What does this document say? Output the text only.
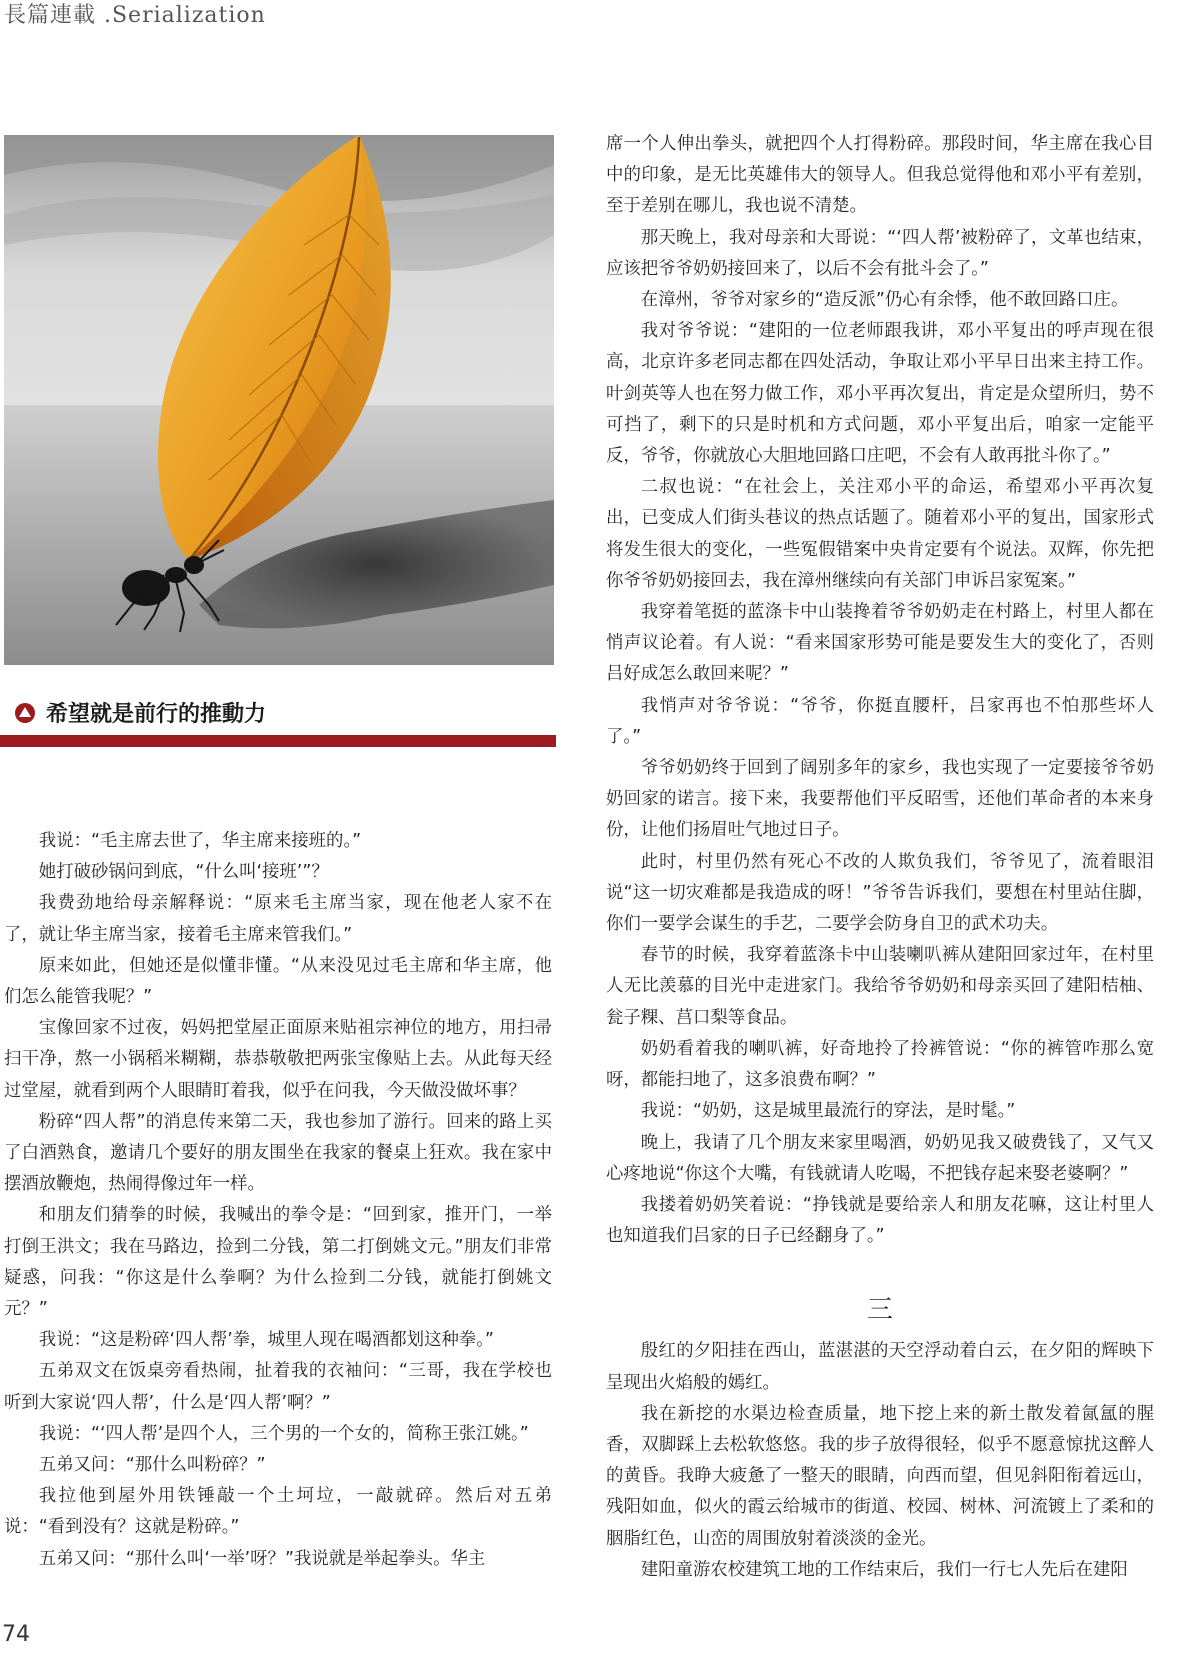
長篇連載 .Serialization
希望就是前行的推動力

我说：“毛主席去世了，华主席来接班的。”

她打破砂锅问到底，“什么叫‘接班’”？

我费劲地给母亲解释说：“原来毛主席当家，现在他老人家不在了，就让华主席当家，接着毛主席来管我们。”

原来如此，但她还是似懂非懂。“从来没见过毛主席和华主席，他们怎么能管我呢？”

宝像回家不过夜，妈妈把堂屋正面原来贴祖宗神位的地方，用扫帚扫干净，熬一小锅稻米糊糊，恭恭敬敬把两张宝像贴上去。从此每天经过堂屋，就看到两个人眼睛盯着我，似乎在问我，今天做没做坏事？

粉碎“四人帮”的消息传来第二天，我也参加了游行。回来的路上买了白酒熟食，邀请几个要好的朋友围坐在我家的餐桌上狂欢。我在家中摆酒放鞭炮，热闹得像过年一样。

和朋友们猜拳的时候，我喊出的拳令是：“回到家，推开门，一举打倒王洪文；我在马路边，捡到二分钱，第二打倒姚文元。”朋友们非常疑惑，问我：“你这是什么拳啊？为什么捡到二分钱，就能打倒姚文元？”

我说：“这是粉碎‘四人帮’拳，城里人现在喝酒都划这种拳。”

五弟双文在饭桌旁看热闹，扯着我的衣袖问：“三哥，我在学校也听到大家说‘四人帮’，什么是‘四人帮’啊？”

我说：“‘四人帮’是四个人，三个男的一个女的，简称王张江姚。”

五弟又问：“那什么叫粉碎？”

我拉他到屋外用铁锤敲一个土坷垃，一敲就碎。然后对五弟说：“看到没有？这就是粉碎。”

五弟又问：“那什么叫‘一举’呀？”我说就是举起拳头。华主

席一个人伸出拳头，就把四个人打得粉碎。那段时间，华主席在我心目中的印象，是无比英雄伟大的领导人。但我总觉得他和邓小平有差别，至于差别在哪儿，我也说不清楚。

那天晚上，我对母亲和大哥说：“‘四人帮’被粉碎了，文革也结束，应该把爷爷奶奶接回来了，以后不会有批斗会了。”

在漳州，爷爷对家乡的“造反派”仍心有余悸，他不敢回路口庄。

我对爷爷说：“建阳的一位老师跟我讲，邓小平复出的呼声现在很高，北京许多老同志都在四处活动，争取让邓小平早日出来主持工作。叶剑英等人也在努力做工作，邓小平再次复出，肯定是众望所归，势不可挡了，剩下的只是时机和方式问题，邓小平复出后，咱家一定能平反，爷爷，你就放心大胆地回路口庄吧，不会有人敢再批斗你了。”

二叔也说：“在社会上，关注邓小平的命运，希望邓小平再次复出，已变成人们街头巷议的热点话题了。随着邓小平的复出，国家形式将发生很大的变化，一些冤假错案中央肯定要有个说法。双辉，你先把你爷爷奶奶接回去，我在漳州继续向有关部门申诉吕家冤案。”

我穿着笔挺的蓝涤卡中山装搀着爷爷奶奶走在村路上，村里人都在悄声议论着。有人说：“看来国家形势可能是要发生大的变化了，否则吕好成怎么敢回来呢？”

我悄声对爷爷说：“爷爷，你挺直腰杆，吕家再也不怕那些坏人了。”

爷爷奶奶终于回到了阔别多年的家乡，我也实现了一定要接爷爷奶奶回家的诺言。接下来，我要帮他们平反昭雪，还他们革命者的本来身份，让他们扬眉吐气地过日子。

此时，村里仍然有死心不改的人欺负我们，爷爷见了，流着眼泪说“这一切灾难都是我造成的呀！”爷爷告诉我们，要想在村里站住脚，你们一要学会谋生的手艺，二要学会防身自卫的武术功夫。

春节的时候，我穿着蓝涤卡中山装喇叭裤从建阳回家过年，在村里人无比羡慕的目光中走进家门。我给爷爷奶奶和母亲买回了建阳桔柚、瓮子粿、莒口梨等食品。

奶奶看着我的喇叭裤，好奇地拎了拎裤管说：“你的裤管咋那么宽呀，都能扫地了，这多浪费布啊？”

我说：“奶奶，这是城里最流行的穿法，是时髦。”

晚上，我请了几个朋友来家里喝酒，奶奶见我又破费钱了，又气又心疼地说“你这个大嘴，有钱就请人吃喝，不把钱存起来娶老婆啊？”

我搂着奶奶笑着说：“挣钱就是要给亲人和朋友花嘛，这让村里人也知道我们吕家的日子已经翻身了。”

三

殷红的夕阳挂在西山，蓝湛湛的天空浮动着白云，在夕阳的辉映下呈现出火焰般的嫣红。

我在新挖的水渠边检查质量，地下挖上来的新土散发着氤氲的腥香，双脚踩上去松软悠悠。我的步子放得很轻，似乎不愿意惊扰这醉人的黄昏。我睁大疲惫了一整天的眼睛，向西而望，但见斜阳衔着远山，残阳如血，似火的霞云给城市的街道、校园、树林、河流镀上了柔和的胭脂红色，山峦的周围放射着淡淡的金光。

建阳童游农校建筑工地的工作结束后，我们一行七人先后在建阳

74
